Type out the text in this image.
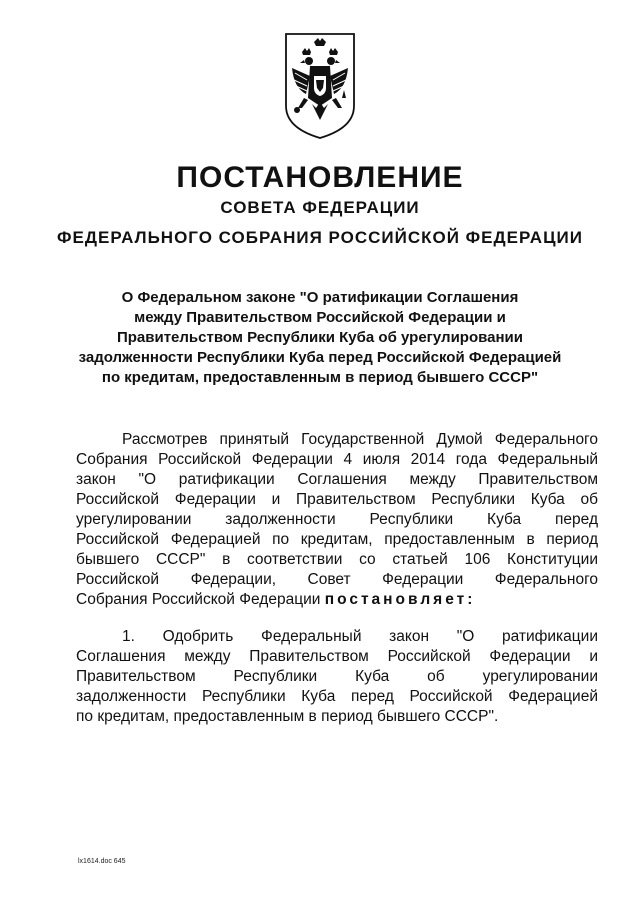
ПОСТАНОВЛЕНИЕ
СОВЕТА ФЕДЕРАЦИИ
ФЕДЕРАЛЬНОГО СОБРАНИЯ РОССИЙСКОЙ ФЕДЕРАЦИИ
О Федеральном законе "О ратификации Соглашения
между Правительством Российской Федерации и
Правительством Республики Куба об урегулировании
задолженности Республики Куба перед Российской Федерацией
по кредитам, предоставленным в период бывшего СССР"
Рассмотрев принятый Государственной Думой Федерального
Собрания Российской Федерации 4 июля 2014 года Федеральный
закон "О ратификации Соглашения между Правительством
Российской Федерации и Правительством Республики Куба об
урегулировании задолженности Республики Куба перед
Российской Федерацией по кредитам, предоставленным в период
бывшего СССР" в соответствии со статьей 106 Конституции
Российской Федерации, Совет Федерации Федерального
Собрания Российской Федерации постановляет:
1. Одобрить Федеральный закон "О ратификации
Соглашения между Правительством Российской Федерации и
Правительством Республики Куба об урегулировании
задолженности Республики Куба перед Российской Федерацией
по кредитам, предоставленным в период бывшего СССР".
lx1614.doc 645
